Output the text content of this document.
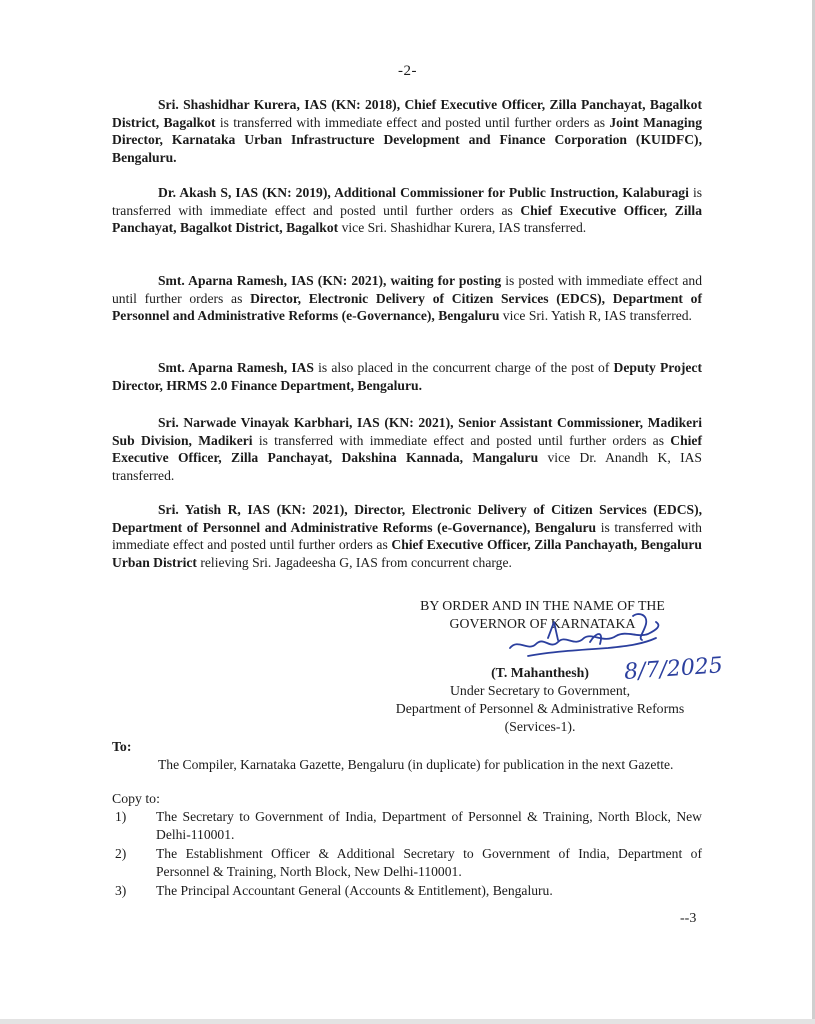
-2-

Sri. Shashidhar Kurera, IAS (KN: 2018), Chief Executive Officer, Zilla Panchayat, Bagalkot District, Bagalkot is transferred with immediate effect and posted until further orders as Joint Managing Director, Karnataka Urban Infrastructure Development and Finance Corporation (KUIDFC), Bengaluru.

Dr. Akash S, IAS (KN: 2019), Additional Commissioner for Public Instruction, Kalaburagi is transferred with immediate effect and posted until further orders as Chief Executive Officer, Zilla Panchayat, Bagalkot District, Bagalkot vice Sri. Shashidhar Kurera, IAS transferred.

Smt. Aparna Ramesh, IAS (KN: 2021), waiting for posting is posted with immediate effect and until further orders as Director, Electronic Delivery of Citizen Services (EDCS), Department of Personnel and Administrative Reforms (e-Governance), Bengaluru vice Sri. Yatish R, IAS transferred.

Smt. Aparna Ramesh, IAS is also placed in the concurrent charge of the post of Deputy Project Director, HRMS 2.0 Finance Department, Bengaluru.

Sri. Narwade Vinayak Karbhari, IAS (KN: 2021), Senior Assistant Commissioner, Madikeri Sub Division, Madikeri is transferred with immediate effect and posted until further orders as Chief Executive Officer, Zilla Panchayat, Dakshina Kannada, Mangaluru vice Dr. Anandh K, IAS transferred.

Sri. Yatish R, IAS (KN: 2021), Director, Electronic Delivery of Citizen Services (EDCS), Department of Personnel and Administrative Reforms (e-Governance), Bengaluru is transferred with immediate effect and posted until further orders as Chief Executive Officer, Zilla Panchayath, Bengaluru Urban District relieving Sri. Jagadeesha G, IAS from concurrent charge.

BY ORDER AND IN THE NAME OF THE
GOVERNOR OF KARNATAKA
8/7/2025
(T. Mahanthesh)
Under Secretary to Government,
Department of Personnel & Administrative Reforms
(Services-1).
To:

The Compiler, Karnataka Gazette, Bengaluru (in duplicate) for publication in the next Gazette.

Copy to:
1)	The Secretary to Government of India, Department of Personnel & Training, North Block, New Delhi-110001.
2)	The Establishment Officer & Additional Secretary to Government of India, Department of Personnel & Training, North Block, New Delhi-110001.
3)	The Principal Accountant General (Accounts & Entitlement), Bengaluru.
--3
